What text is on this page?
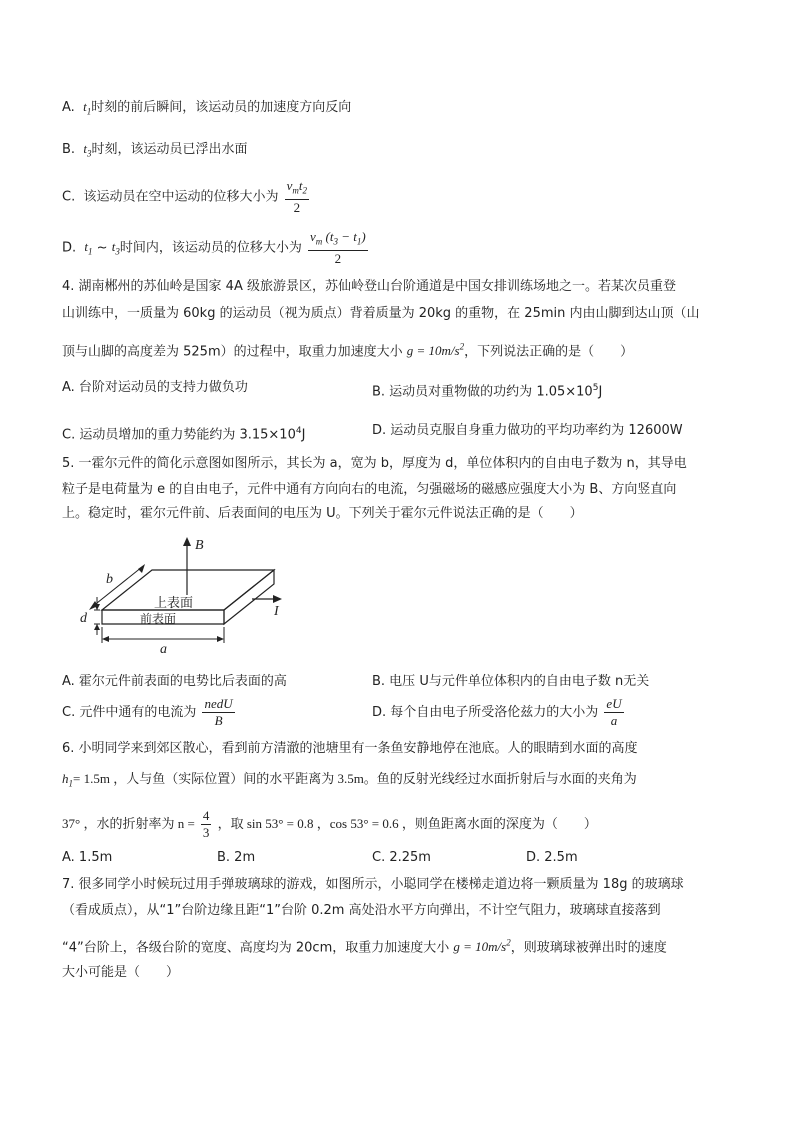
A. $t_1$时刻的前后瞬间，该运动员的加速度方向反向
B. $t_3$时刻，该运动员已浮出水面
C. 该运动员在空中运动的位移大小为 $\frac{v_mt_2}{2}$
D. $t_1$ ~ $t_3$时间内，该运动员的位移大小为 $\frac{v_m (t_3 - t_1)}{2}$
4. 湖南郴州的苏仙岭是国家 4A 级旅游景区，苏仙岭登山台阶通道是中国女排训练场地之一。若某次员重登
山训练中，一质量为 60kg 的运动员（视为质点）背着质量为 20kg 的重物，在 25min 内由山脚到达山顶（山
顶与山脚的高度差为 525m）的过程中，取重力加速度大小 $g = 10m/s^2$，下列说法正确的是（　　）
A. 台阶对运动员的支持力做负功	B. 运动员对重物做的功约为 $1.05\times 10^5J$
C. 运动员增加的重力势能约为 $3.15\times 10^4J$	D. 运动员克服自身重力做功的平均功率约为 12600W
5. 一霍尔元件的简化示意图如图所示，其长为 a，宽为 b，厚度为 d，单位体积内的自由电子数为 n，其导电
粒子是电荷量为 e 的自由电子，元件中通有方向向右的电流，匀强磁场的磁感应强度大小为 B、方向竖直向
上。稳定时，霍尔元件前、后表面间的电压为 U。下列关于霍尔元件说法正确的是（　　）
B
I
b
d
a
上表面
前表面
A. 霍尔元件前表面的电势比后表面的高	B. 电压 U与元件单位体积内的自由电子数 n无关
C. 元件中通有的电流为 $\frac{\text{nedU}}{B}$	D. 每个自由电子所受洛伦兹力的大小为 $\frac{eU}{a}$
6. 小明同学来到郊区散心，看到前方清澈的池塘里有一条鱼安静地停在池底。人的眼睛到水面的高度
$h_1= 1.5m$ ，人与鱼（实际位置）间的水平距离为 3.5m。鱼的反射光线经过水面折射后与水面的夹角为
37° ，水的折射率为 $n = \frac{4}{3}$ ，取 sin 53° = 0.8 ，cos 53° = 0.6 ，则鱼距离水面的深度为（　　）
A. 1.5m	B. 2m	C. 2.25m	D. 2.5m
7. 很多同学小时候玩过用手弹玻璃球的游戏，如图所示，小聪同学在楼梯走道边将一颗质量为 18g 的玻璃球
（看成质点），从“1”台阶边缘且距“1”台阶 0.2m 高处沿水平方向弹出，不计空气阻力，玻璃球直接落到
“4”台阶上，各级台阶的宽度、高度均为 20cm，取重力加速度大小 $g = 10m/s^2$，则玻璃球被弹出时的速度
大小可能是（　　）
